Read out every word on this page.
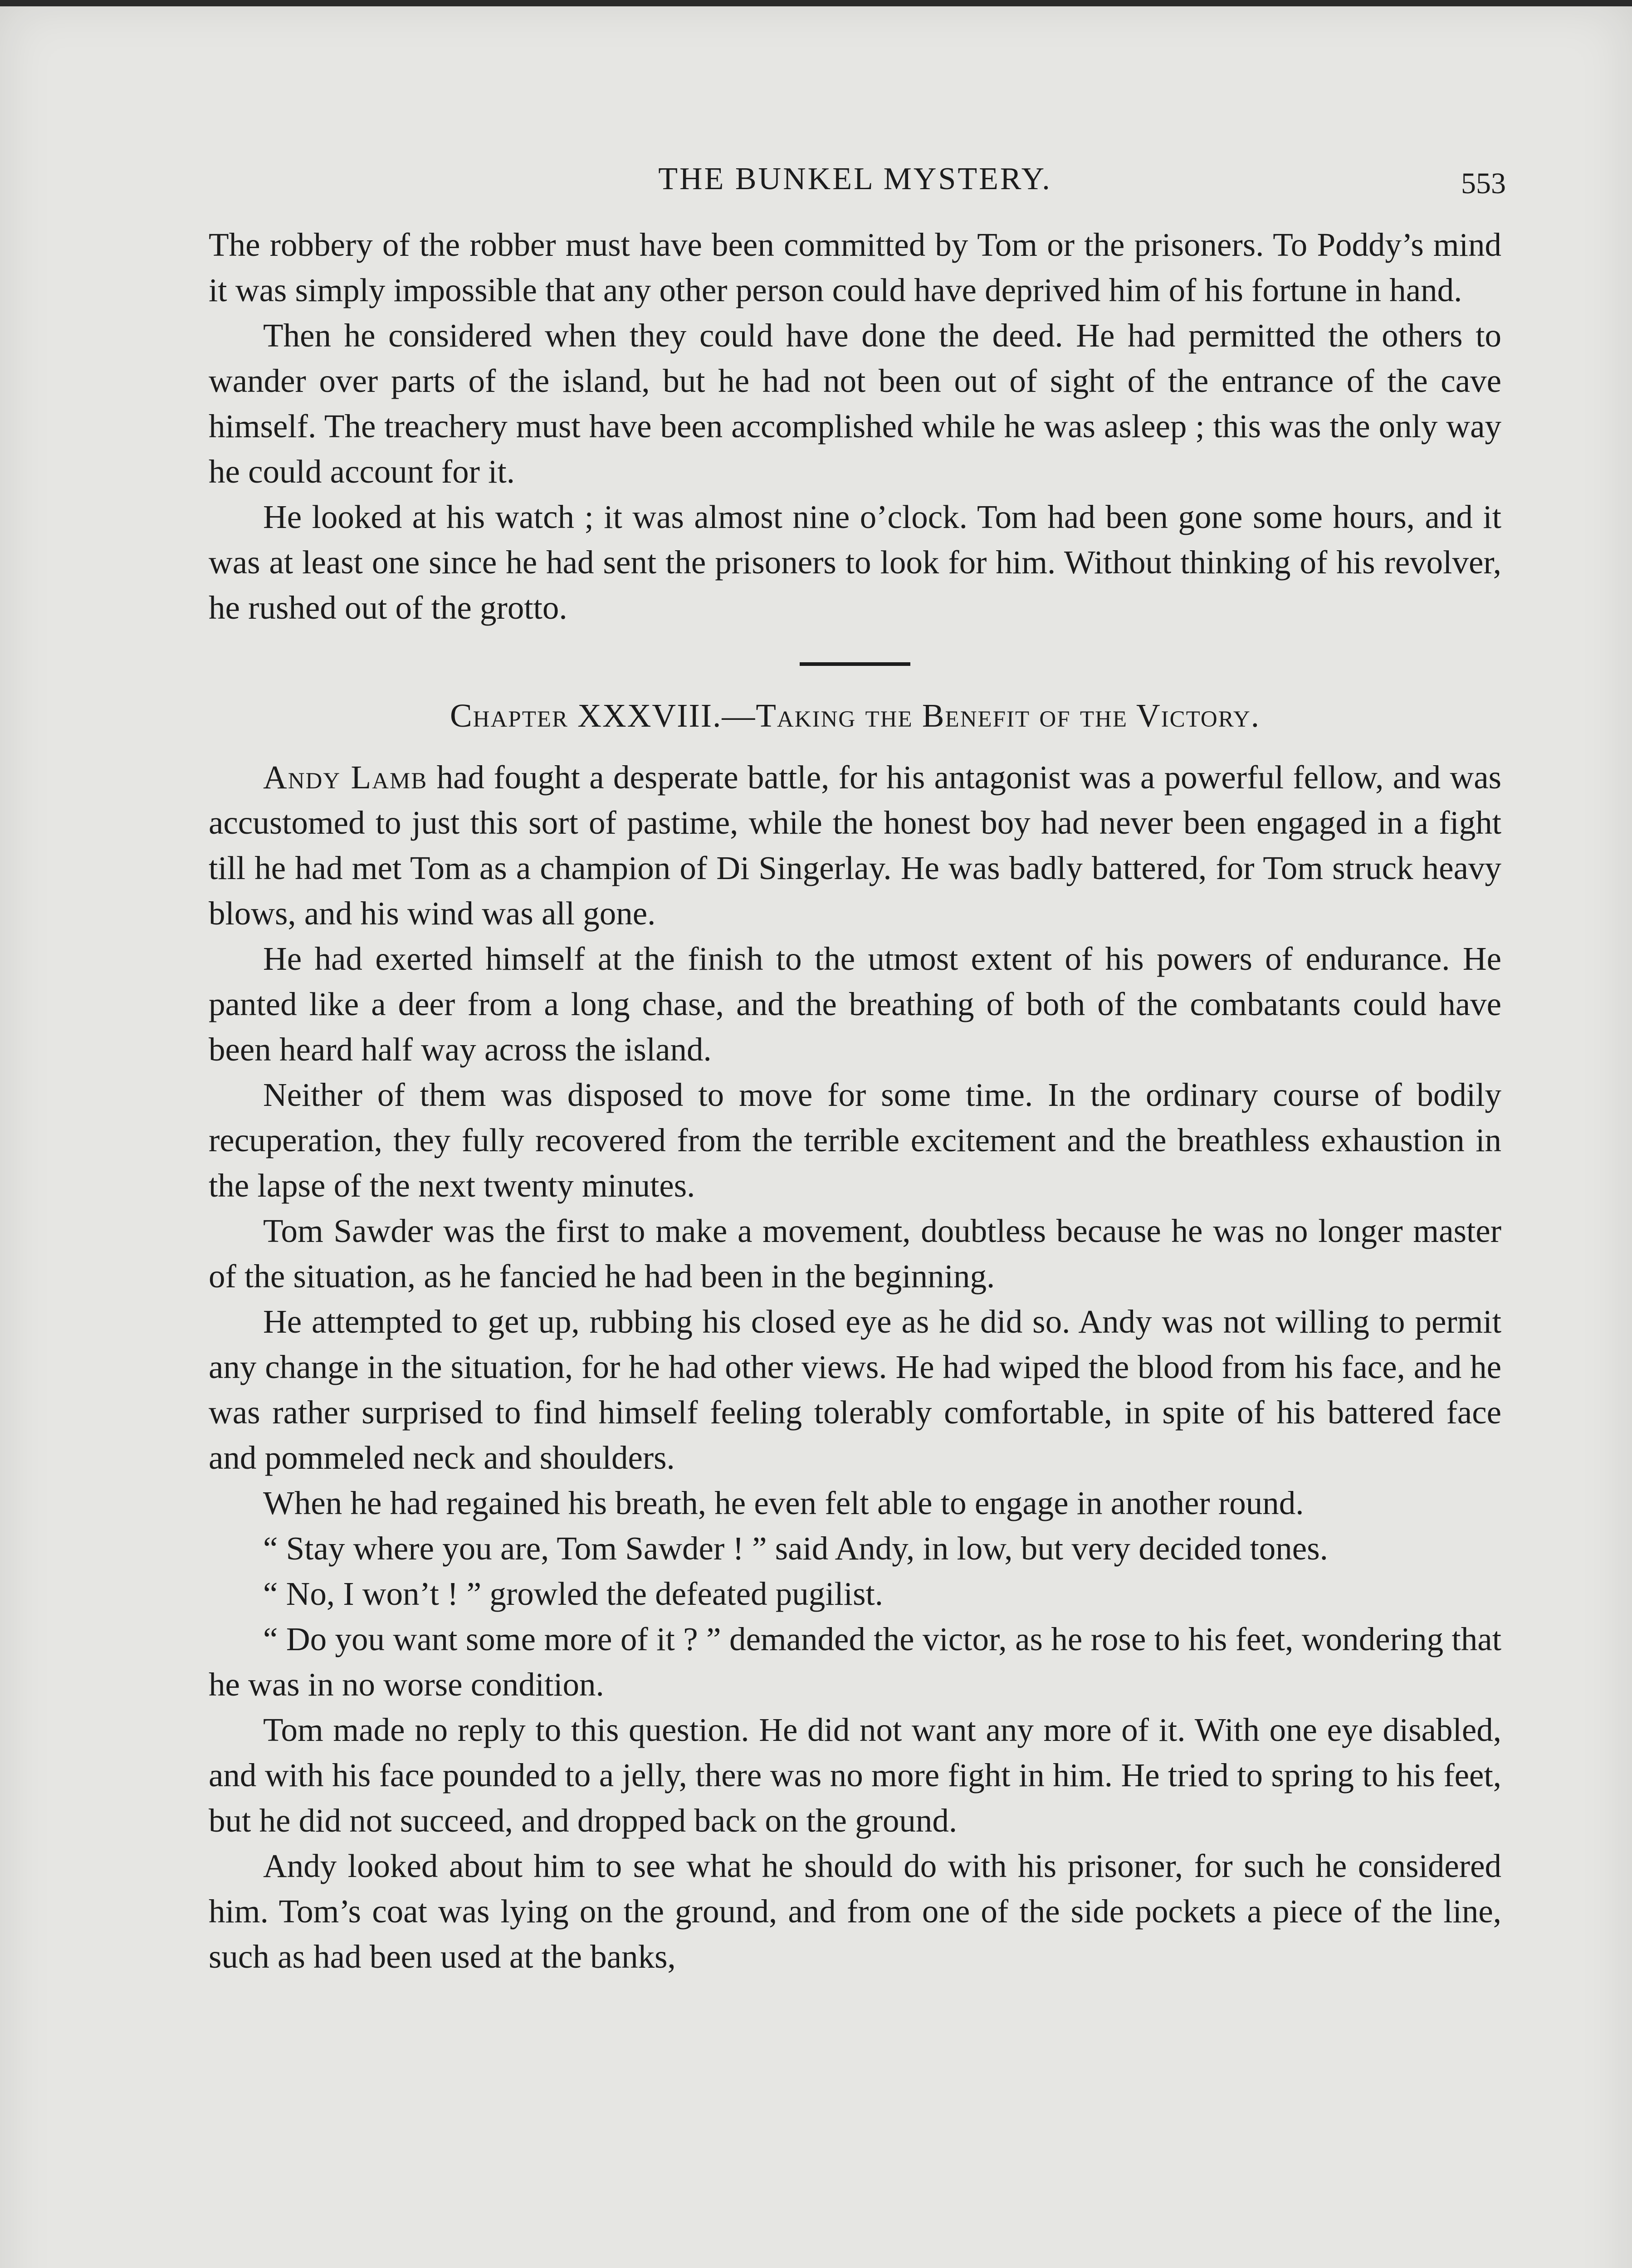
THE BUNKEL MYSTERY.	553

The robbery of the robber must have been committed by Tom or the prisoners. To Poddy’s mind it was simply impossible that any other person could have deprived him of his fortune in hand.

Then he considered when they could have done the deed. He had permitted the others to wander over parts of the island, but he had not been out of sight of the entrance of the cave himself. The treachery must have been accomplished while he was asleep ; this was the only way he could account for it.

He looked at his watch ; it was almost nine o’clock. Tom had been gone some hours, and it was at least one since he had sent the prisoners to look for him. Without thinking of his revolver, he rushed out of the grotto.

Chapter XXXVIII.—Taking the Benefit of the Victory.

Andy Lamb had fought a desperate battle, for his antagonist was a powerful fellow, and was accustomed to just this sort of pastime, while the honest boy had never been engaged in a fight till he had met Tom as a champion of Di Singerlay. He was badly battered, for Tom struck heavy blows, and his wind was all gone.

He had exerted himself at the finish to the utmost extent of his powers of endurance. He panted like a deer from a long chase, and the breathing of both of the combatants could have been heard half way across the island.

Neither of them was disposed to move for some time. In the ordinary course of bodily recuperation, they fully recovered from the terrible excitement and the breathless exhaustion in the lapse of the next twenty minutes.

Tom Sawder was the first to make a movement, doubtless because he was no longer master of the situation, as he fancied he had been in the beginning.

He attempted to get up, rubbing his closed eye as he did so. Andy was not willing to permit any change in the situation, for he had other views. He had wiped the blood from his face, and he was rather surprised to find himself feeling tolerably comfortable, in spite of his battered face and pommeled neck and shoulders.

When he had regained his breath, he even felt able to engage in another round.

“ Stay where you are, Tom Sawder ! ” said Andy, in low, but very decided tones.

“ No, I won’t ! ” growled the defeated pugilist.

“ Do you want some more of it ? ” demanded the victor, as he rose to his feet, wondering that he was in no worse condition.

Tom made no reply to this question. He did not want any more of it. With one eye disabled, and with his face pounded to a jelly, there was no more fight in him. He tried to spring to his feet, but he did not succeed, and dropped back on the ground.

Andy looked about him to see what he should do with his prisoner, for such he considered him. Tom’s coat was lying on the ground, and from one of the side pockets a piece of the line, such as had been used at the banks,
